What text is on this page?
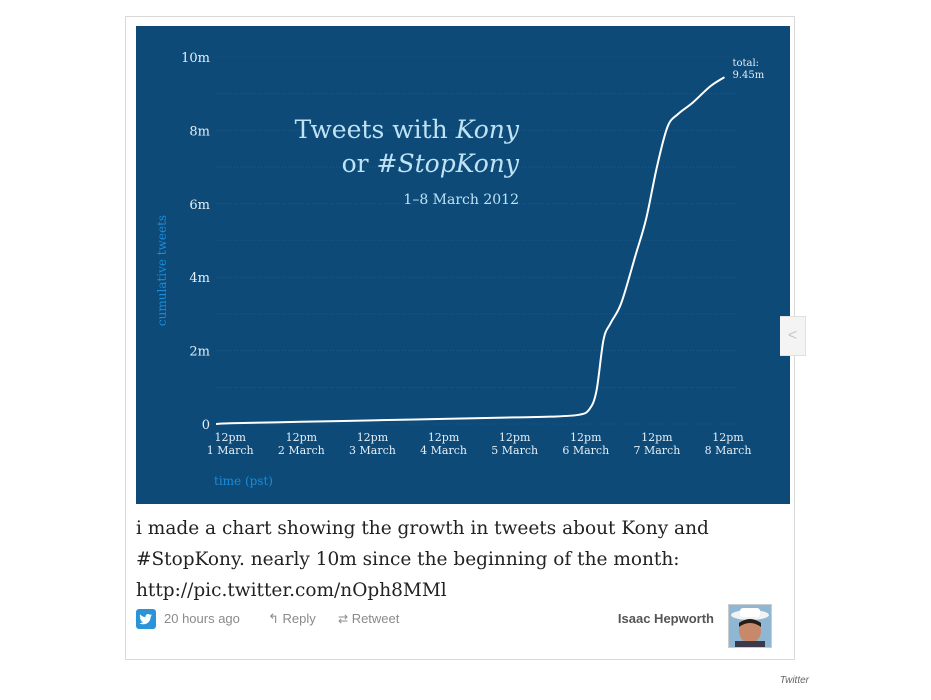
0
2m
4m
6m
8m
10m
12pm
1 March
12pm
2 March
12pm
3 March
12pm
4 March
12pm
5 March
12pm
6 March
12pm
7 March
12pm
8 March
cumulative tweets
time (pst)
Tweets with Kony
or #StopKony
1–8 March 2012
total:
9.45m

i made a chart showing the growth in tweets about Kony and
#StopKony. nearly 10m since the beginning of the month:
http://pic.twitter.com/nOph8MMl

20 hours ago ↰ Reply ⇄ Retweet	Isaac Hepworth
<
Twitter
